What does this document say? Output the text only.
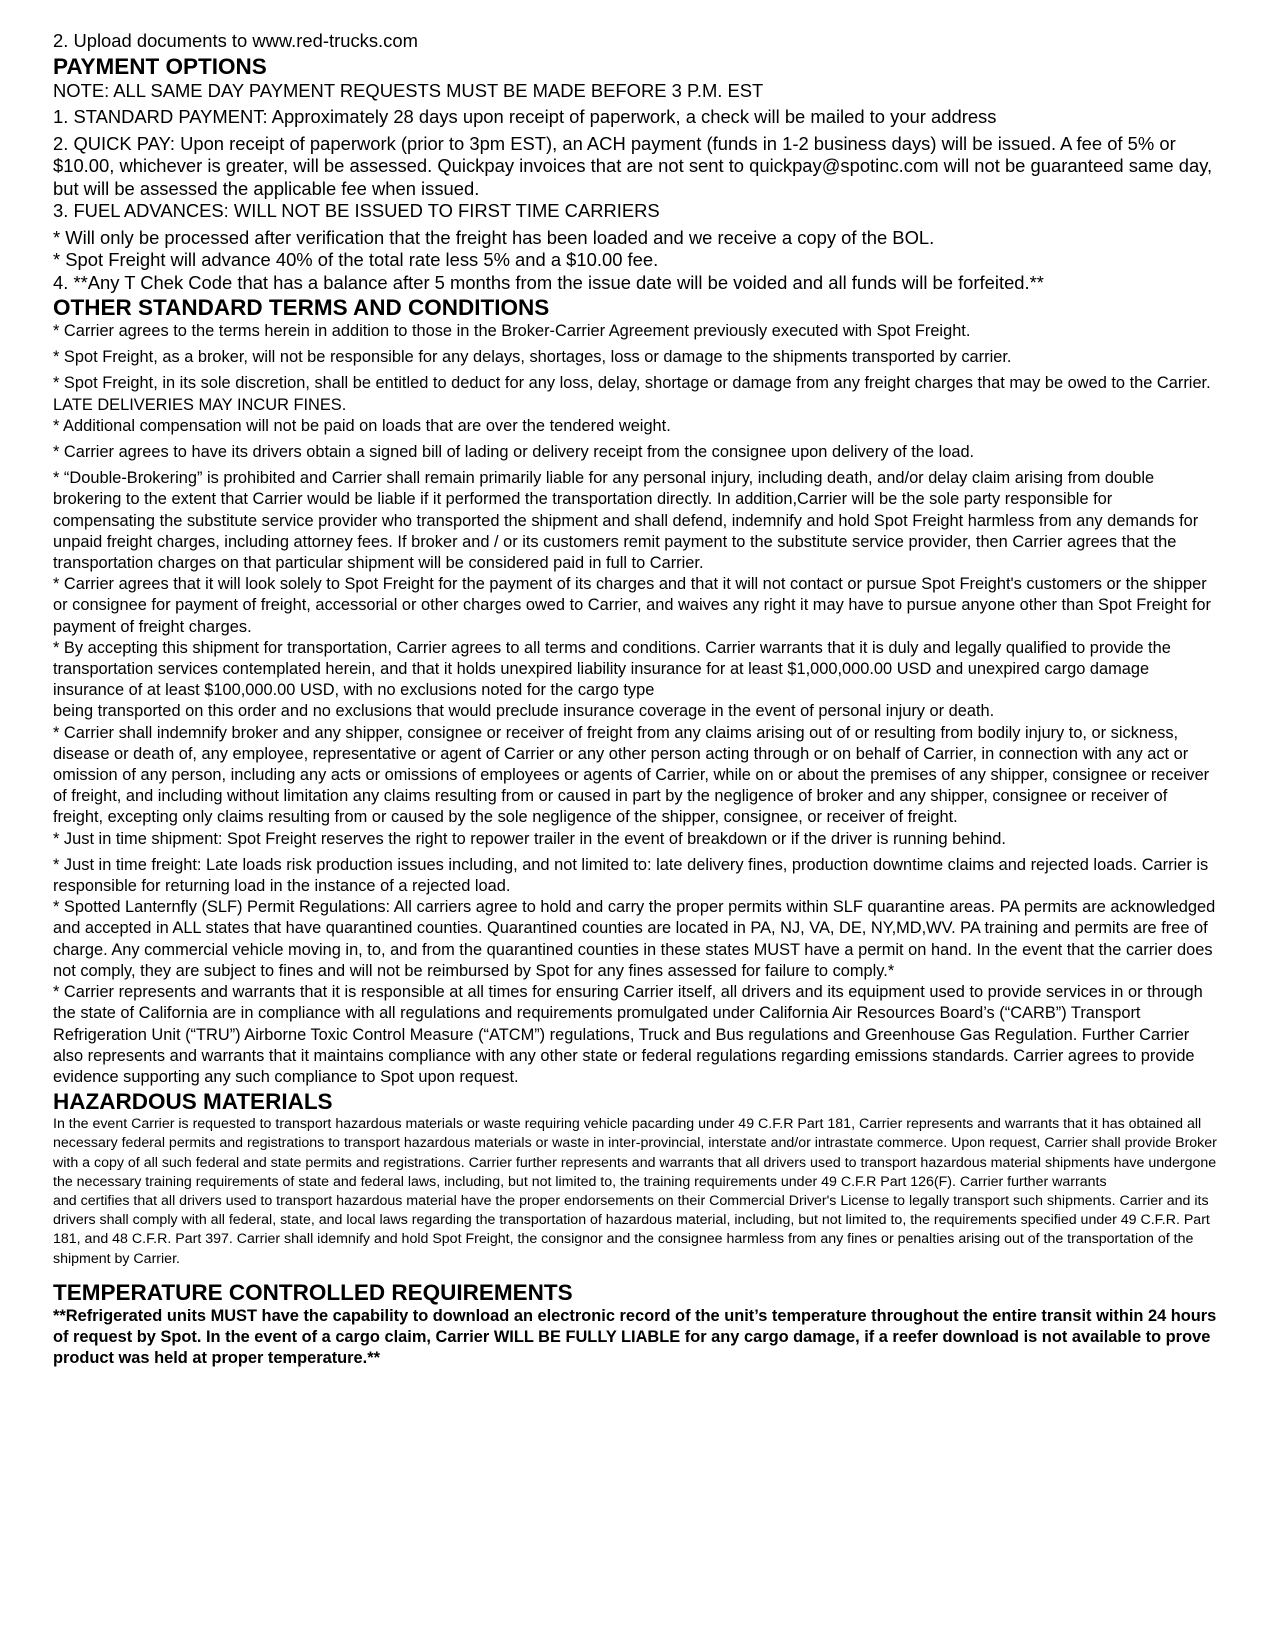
2. Upload documents to www.red-trucks.com

PAYMENT OPTIONS

NOTE: ALL SAME DAY PAYMENT REQUESTS MUST BE MADE BEFORE 3 P.M. EST

1. STANDARD PAYMENT: Approximately 28 days upon receipt of paperwork, a check will be mailed to your address

2. QUICK PAY: Upon receipt of paperwork (prior to 3pm EST), an ACH payment (funds in 1-2 business days) will be issued. A fee of 5% or $10.00, whichever is greater, will be assessed. Quickpay invoices that are not sent to quickpay@spotinc.com will not be guaranteed same day, but will be assessed the applicable fee when issued.

3. FUEL ADVANCES: WILL NOT BE ISSUED TO FIRST TIME CARRIERS

* Will only be processed after verification that the freight has been loaded and we receive a copy of the BOL.

* Spot Freight will advance 40% of the total rate less 5% and a $10.00 fee.

4. **Any T Chek Code that has a balance after 5 months from the issue date will be voided and all funds will be forfeited.**

OTHER STANDARD TERMS AND CONDITIONS

* Carrier agrees to the terms herein in addition to those in the Broker-Carrier Agreement previously executed with Spot Freight.

* Spot Freight, as a broker, will not be responsible for any delays, shortages, loss or damage to the shipments transported by carrier.

* Spot Freight, in its sole discretion, shall be entitled to deduct for any loss, delay, shortage or damage from any freight charges that may be owed to the Carrier. LATE DELIVERIES MAY INCUR FINES.

* Additional compensation will not be paid on loads that are over the tendered weight.

* Carrier agrees to have its drivers obtain a signed bill of lading or delivery receipt from the consignee upon delivery of the load.

* “Double-Brokering” is prohibited and Carrier shall remain primarily liable for any personal injury, including death, and/or delay claim arising from double brokering to the extent that Carrier would be liable if it performed the transportation directly. In addition,Carrier will be the sole party responsible for compensating the substitute service provider who transported the shipment and shall defend, indemnify and hold Spot Freight harmless from any demands for unpaid freight charges, including attorney fees. If broker and / or its customers remit payment to the substitute service provider, then Carrier agrees that the transportation charges on that particular shipment will be considered paid in full to Carrier.

* Carrier agrees that it will look solely to Spot Freight for the payment of its charges and that it will not contact or pursue Spot Freight's customers or the shipper or consignee for payment of freight, accessorial or other charges owed to Carrier, and waives any right it may have to pursue anyone other than Spot Freight for payment of freight charges.

* By accepting this shipment for transportation, Carrier agrees to all terms and conditions. Carrier warrants that it is duly and legally qualified to provide the transportation services contemplated herein, and that it holds unexpired liability insurance for at least $1,000,000.00 USD and unexpired cargo damage insurance of at least $100,000.00 USD, with no exclusions noted for the cargo type

being transported on this order and no exclusions that would preclude insurance coverage in the event of personal injury or death.

* Carrier shall indemnify broker and any shipper, consignee or receiver of freight from any claims arising out of or resulting from bodily injury to, or sickness, disease or death of, any employee, representative or agent of Carrier or any other person acting through or on behalf of Carrier, in connection with any act or omission of any person, including any acts or omissions of employees or agents of Carrier, while on or about the premises of any shipper, consignee or receiver of freight, and including without limitation any claims resulting from or caused in part by the negligence of broker and any shipper, consignee or receiver of freight, excepting only claims resulting from or caused by the sole negligence of the shipper, consignee, or receiver of freight.

* Just in time shipment: Spot Freight reserves the right to repower trailer in the event of breakdown or if the driver is running behind.

* Just in time freight: Late loads risk production issues including, and not limited to: late delivery fines, production downtime claims and rejected loads. Carrier is responsible for returning load in the instance of a rejected load.

* Spotted Lanternfly (SLF) Permit Regulations: All carriers agree to hold and carry the proper permits within SLF quarantine areas. PA permits are acknowledged and accepted in ALL states that have quarantined counties. Quarantined counties are located in PA, NJ, VA, DE, NY,MD,WV. PA training and permits are free of charge. Any commercial vehicle moving in, to, and from the quarantined counties in these states MUST have a permit on hand. In the event that the carrier does not comply, they are subject to fines and will not be reimbursed by Spot for any fines assessed for failure to comply.*

* Carrier represents and warrants that it is responsible at all times for ensuring Carrier itself, all drivers and its equipment used to provide services in or through the state of California are in compliance with all regulations and requirements promulgated under California Air Resources Board’s (“CARB”) Transport Refrigeration Unit (“TRU”) Airborne Toxic Control Measure (“ATCM”) regulations, Truck and Bus regulations and Greenhouse Gas Regulation. Further Carrier also represents and warrants that it maintains compliance with any other state or federal regulations regarding emissions standards. Carrier agrees to provide evidence supporting any such compliance to Spot upon request.

HAZARDOUS MATERIALS

In the event Carrier is requested to transport hazardous materials or waste requiring vehicle pacarding under 49 C.F.R Part 181, Carrier represents and warrants that it has obtained all necessary federal permits and registrations to transport hazardous materials or waste in inter-provincial, interstate and/or intrastate commerce. Upon request, Carrier shall provide Broker with a copy of all such federal and state permits and registrations. Carrier further represents and warrants that all drivers used to transport hazardous material shipments have undergone the necessary training requirements of state and federal laws, including, but not limited to, the training requirements under 49 C.F.R Part 126(F). Carrier further warrants

and certifies that all drivers used to transport hazardous material have the proper endorsements on their Commercial Driver's License to legally transport such shipments. Carrier and its drivers shall comply with all federal, state, and local laws regarding the transportation of hazardous material, including, but not limited to, the requirements specified under 49 C.F.R. Part 181, and 48 C.F.R. Part 397. Carrier shall idemnify and hold Spot Freight, the consignor and the consignee harmless from any fines or penalties arising out of the transportation of the shipment by Carrier.

TEMPERATURE CONTROLLED REQUIREMENTS

**Refrigerated units MUST have the capability to download an electronic record of the unit’s temperature throughout the entire transit within 24 hours of request by Spot. In the event of a cargo claim, Carrier WILL BE FULLY LIABLE for any cargo damage, if a reefer download is not available to prove product was held at proper temperature.**
